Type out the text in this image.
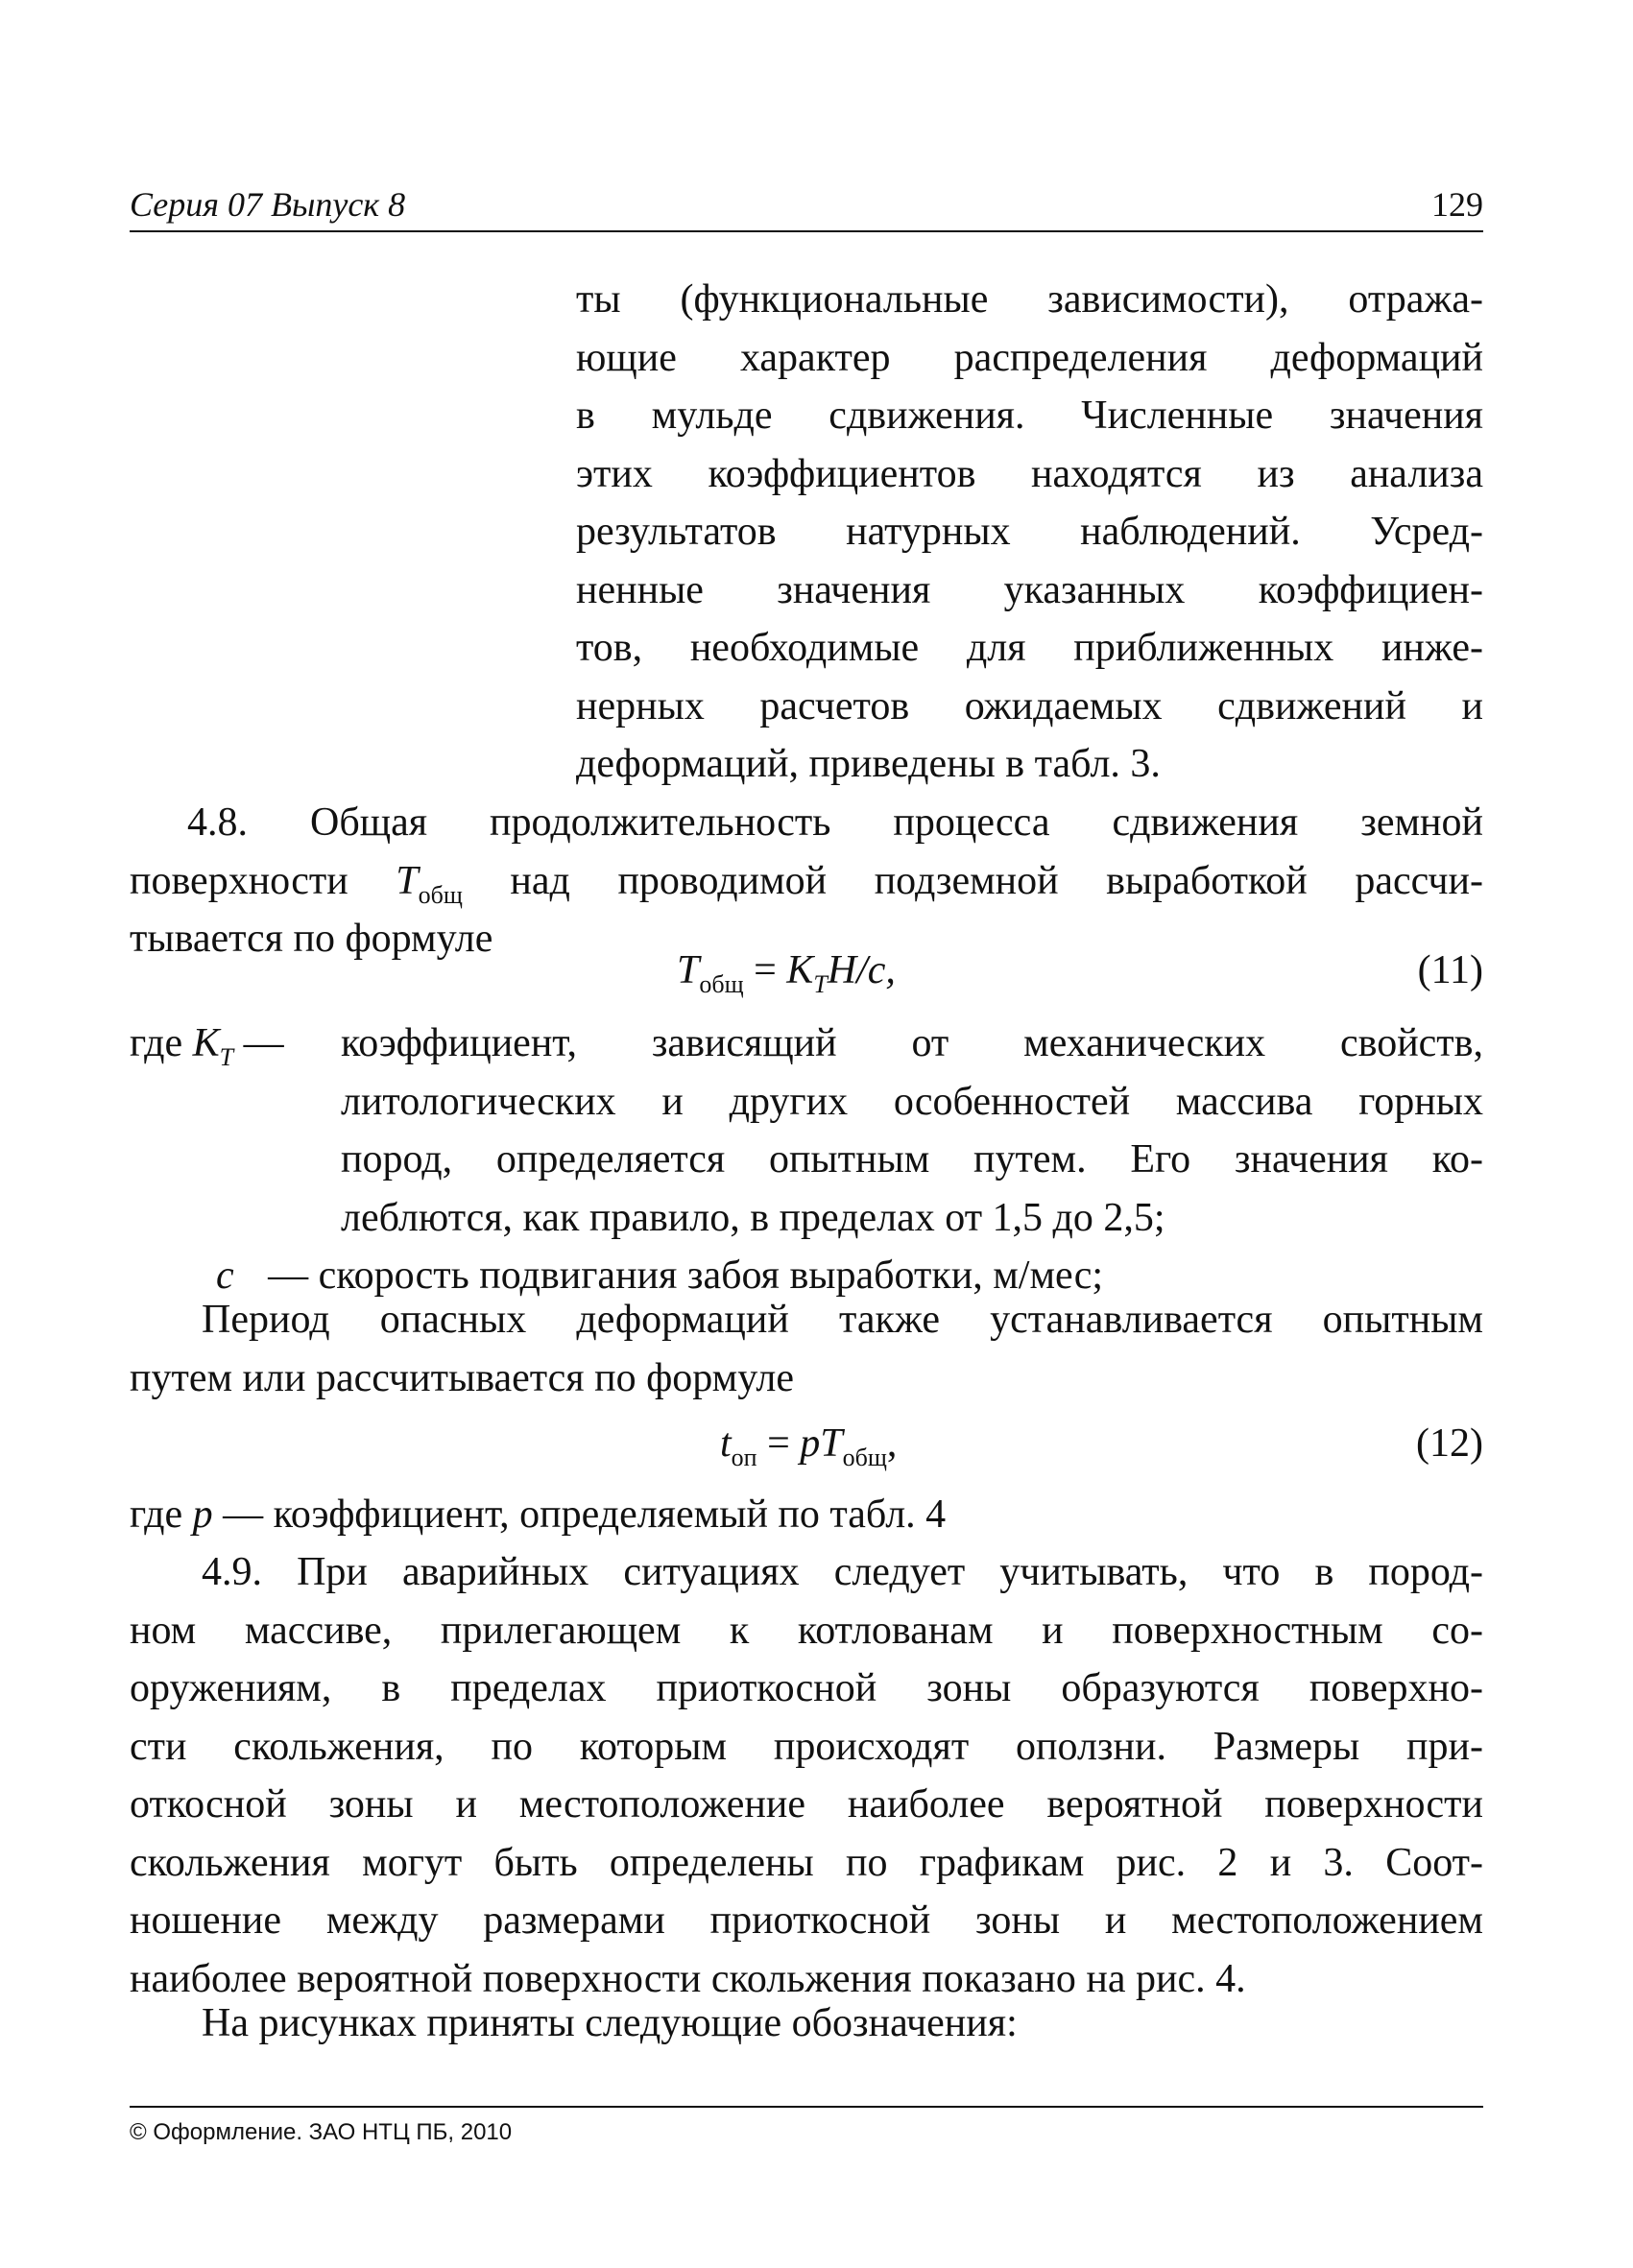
Серия 07 Выпуск 8	129
ты (функциональные зависимости), отража-
ющие характер распределения деформаций
в мульде сдвижения. Численные значения
этих коэффициентов находятся из анализа
результатов натурных наблюдений. Усред-
ненные значения указанных коэффициен-
тов, необходимые для приближенных инже-
нерных расчетов ожидаемых сдвижений и
деформаций, приведены в табл. 3.
4.8. Общая продолжительность процесса сдвижения земной
поверхности $T_{общ}$ над проводимой подземной выработкой рассчи-
тывается по формуле
$T_{общ} = K_TH/c$,	(11)
где $K_T$ — коэффициент, зависящий от механических свойств,
литологических и других особенностей массива горных
пород, определяется опытным путем. Его значения ко-
леблются, как правило, в пределах от 1,5 до 2,5;
c — скорость подвигания забоя выработки, м/мес;
Период опасных деформаций также устанавливается опытным
путем или рассчитывается по формуле
$t_{оп} = pT_{общ}$,	(12)
где p — коэффициент, определяемый по табл. 4
4.9. При аварийных ситуациях следует учитывать, что в пород-
ном массиве, прилегающем к котлованам и поверхностным со-
оружениям, в пределах приоткосной зоны образуются поверхно-
сти скольжения, по которым происходят оползни. Размеры при-
откосной зоны и местоположение наиболее вероятной поверхности
скольжения могут быть определены по графикам рис. 2 и 3. Соот-
ношение между размерами приоткосной зоны и местоположением
наиболее вероятной поверхности скольжения показано на рис. 4.
На рисунках приняты следующие обозначения:
© Оформление. ЗАО НТЦ ПБ, 2010
